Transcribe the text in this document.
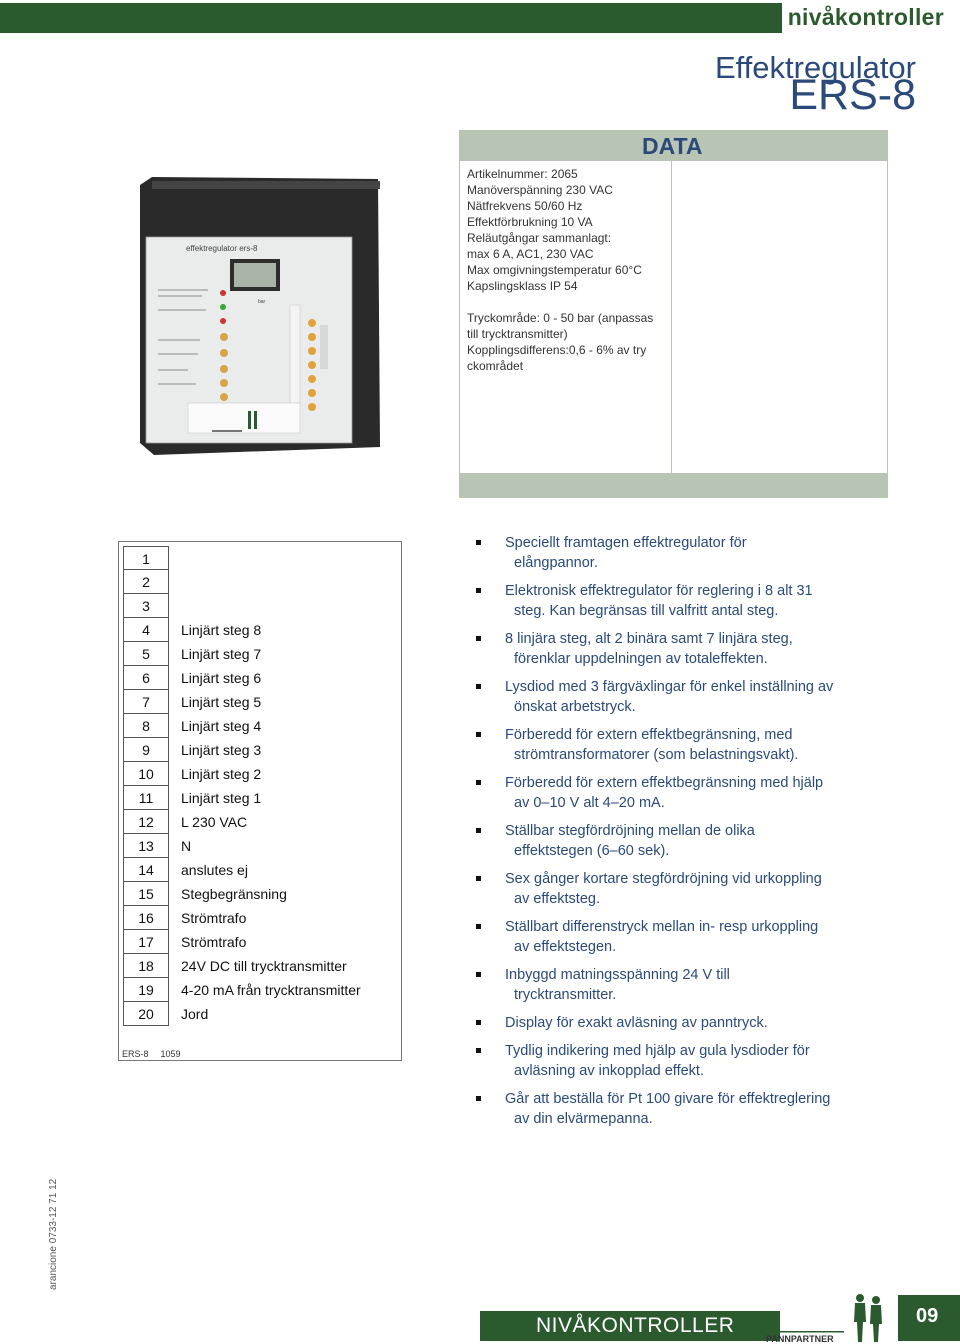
nivåkontroller
Effektregulator
ERS-8
effektregulator ers-8
bar
DATA
Artikelnummer: 2065
Manöverspänning 230 VAC
Nätfrekvens 50/60 Hz
Effektförbrukning 10 VA
Reläutgångar sammanlagt:
max 6 A, AC1, 230 VAC
Max omgivningstemperatur 60°C
Kapslingsklass IP 54
Tryckområde: 0 - 50 bar (anpassas
till trycktransmitter)
Kopplingsdifferens:0,6 - 6% av try
ckområdet
1
2
3
4	Linjärt steg 8
5	Linjärt steg 7
6	Linjärt steg 6
7	Linjärt steg 5
8	Linjärt steg 4
9	Linjärt steg 3
10	Linjärt steg 2
11	Linjärt steg 1
12	L 230 VAC
13	N
14	anslutes ej
15	Stegbegränsning
16	Strömtrafo
17	Strömtrafo
18	24V DC till trycktransmitter
19	4-20 mA från trycktransmitter
20	Jord
ERS-8 1059
Speciellt framtagen effektregulator för
elångpannor.
Elektronisk effektregulator för reglering i 8 alt 31
steg. Kan begränsas till valfritt antal steg.
8 linjära steg, alt 2 binära samt 7 linjära steg,
förenklar uppdelningen av totaleffekten.
Lysdiod med 3 färgväxlingar för enkel inställning av
önskat arbetstryck.
Förberedd för extern effektbegränsning, med
strömtransformatorer (som belastningsvakt).
Förberedd för extern effektbegränsning med hjälp
av 0–10 V alt 4–20 mA.
Ställbar stegfördröjning mellan de olika
effektstegen (6–60 sek).
Sex gånger kortare stegfördröjning vid urkoppling
av effektsteg.
Ställbart differenstryck mellan in- resp urkoppling
av effektstegen.
Inbyggd matningsspänning 24 V till
trycktransmitter.
Display för exakt avläsning av panntryck.
Tydlig indikering med hjälp av gula lysdioder för
avläsning av inkopplad effekt.
Går att beställa för Pt 100 givare för effektreglering
av din elvärmepanna.
arancione 0733-12 71 12
NIVÅKONTROLLER
PANNPARTNER
09
